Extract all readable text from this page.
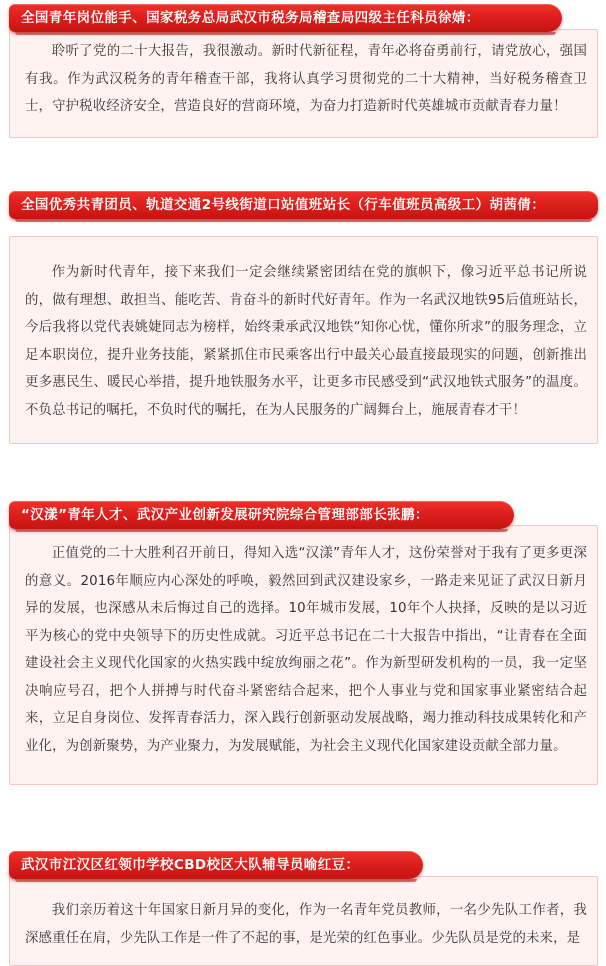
聆听了党的二十大报告，我很激动。新时代新征程，青年必将奋勇前行，请党放心，强国有我。作为武汉税务的青年稽查干部，我将认真学习贯彻党的二十大精神，当好税务稽查卫士，守护税收经济安全，营造良好的营商环境，为奋力打造新时代英雄城市贡献青春力量！

全国青年岗位能手、国家税务总局武汉市税务局稽查局四级主任科员徐婧：

作为新时代青年，接下来我们一定会继续紧密团结在党的旗帜下，像习近平总书记所说的，做有理想、敢担当、能吃苦、肯奋斗的新时代好青年。作为一名武汉地铁95后值班站长，今后我将以党代表姚婕同志为榜样，始终秉承武汉地铁“知你心忧，懂你所求”的服务理念，立足本职岗位，提升业务技能，紧紧抓住市民乘客出行中最关心最直接最现实的问题，创新推出更多惠民生、暖民心举措，提升地铁服务水平，让更多市民感受到“武汉地铁式服务”的温度。不负总书记的嘱托，不负时代的嘱托，在为人民服务的广阔舞台上，施展青春才干！

全国优秀共青团员、轨道交通2号线街道口站值班站长（行车值班员高级工）胡茜倩：

正值党的二十大胜利召开前日，得知入选“汉漾”青年人才，这份荣誉对于我有了更多更深的意义。2016年顺应内心深处的呼唤，毅然回到武汉建设家乡，一路走来见证了武汉日新月异的发展，也深感从未后悔过自己的选择。10年城市发展，10年个人抉择，反映的是以习近平为核心的党中央领导下的历史性成就。习近平总书记在二十大报告中指出，“让青春在全面建设社会主义现代化国家的火热实践中绽放绚丽之花”。作为新型研发机构的一员，我一定坚决响应号召，把个人拼搏与时代奋斗紧密结合起来，把个人事业与党和国家事业紧密结合起来，立足自身岗位、发挥青春活力，深入践行创新驱动发展战略，竭力推动科技成果转化和产业化，为创新聚势，为产业聚力，为发展赋能，为社会主义现代化国家建设贡献全部力量。

“汉漾”青年人才、武汉产业创新发展研究院综合管理部部长张鹏：

我们亲历着这十年国家日新月异的变化，作为一名青年党员教师，一名少先队工作者，我深感重任在肩，少先队工作是一件了不起的事，是光荣的红色事业。少先队员是党的未来，是

武汉市江汉区红领巾学校CBD校区大队辅导员喻红豆：
